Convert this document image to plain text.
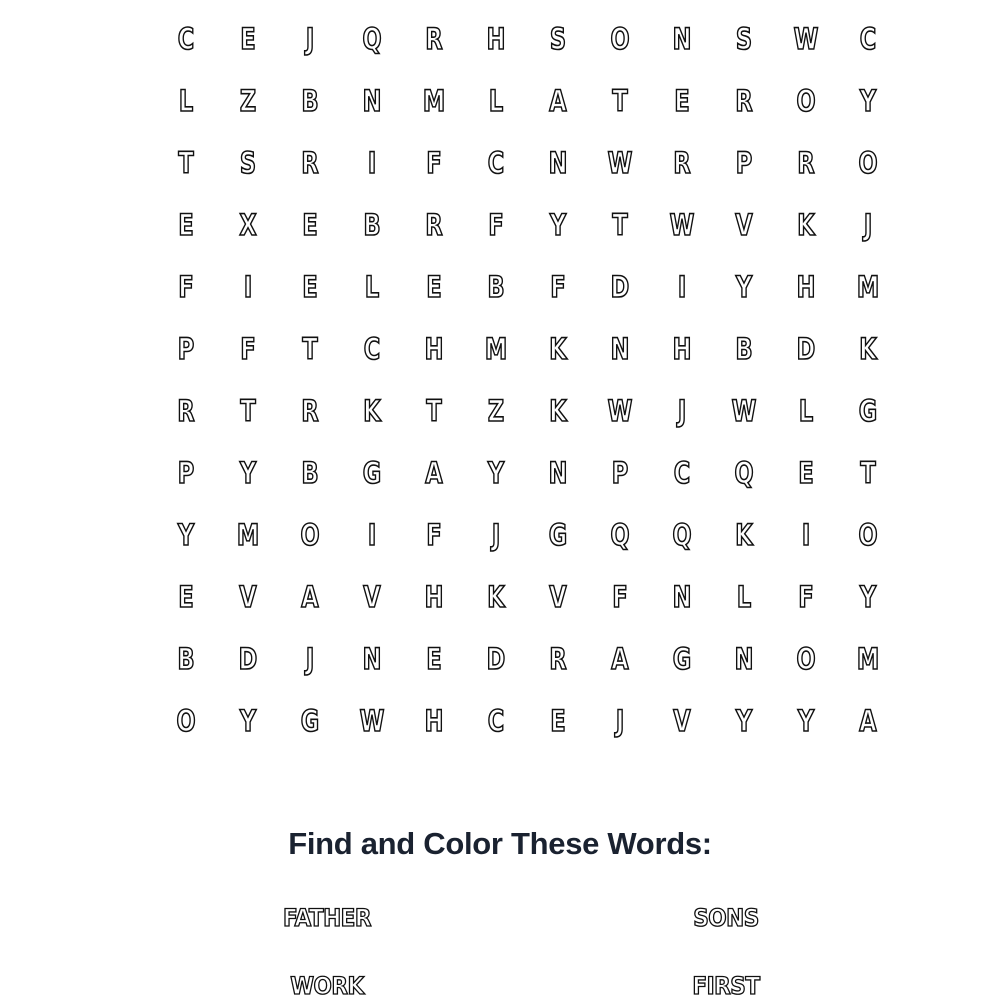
C	E	J	Q	R	H	S	O	N	S	W	C
L	Z	B	N	M	L	A	T	E	R	O	Y
T	S	R	I	F	C	N	W	R	P	R	O
E	X	E	B	R	F	Y	T	W	V	K	J
F	I	E	L	E	B	F	D	I	Y	H	M
P	F	T	C	H	M	K	N	H	B	D	K
R	T	R	K	T	Z	K	W	J	W	L	G
P	Y	B	G	A	Y	N	P	C	Q	E	T
Y	M	O	I	F	J	G	Q	Q	K	I	O
E	V	A	V	H	K	V	F	N	L	F	Y
B	D	J	N	E	D	R	A	G	N	O	M
O	Y	G	W	H	C	E	J	V	Y	Y	A
Find and Color These Words:
FATHER	SONS
WORK	FIRST
